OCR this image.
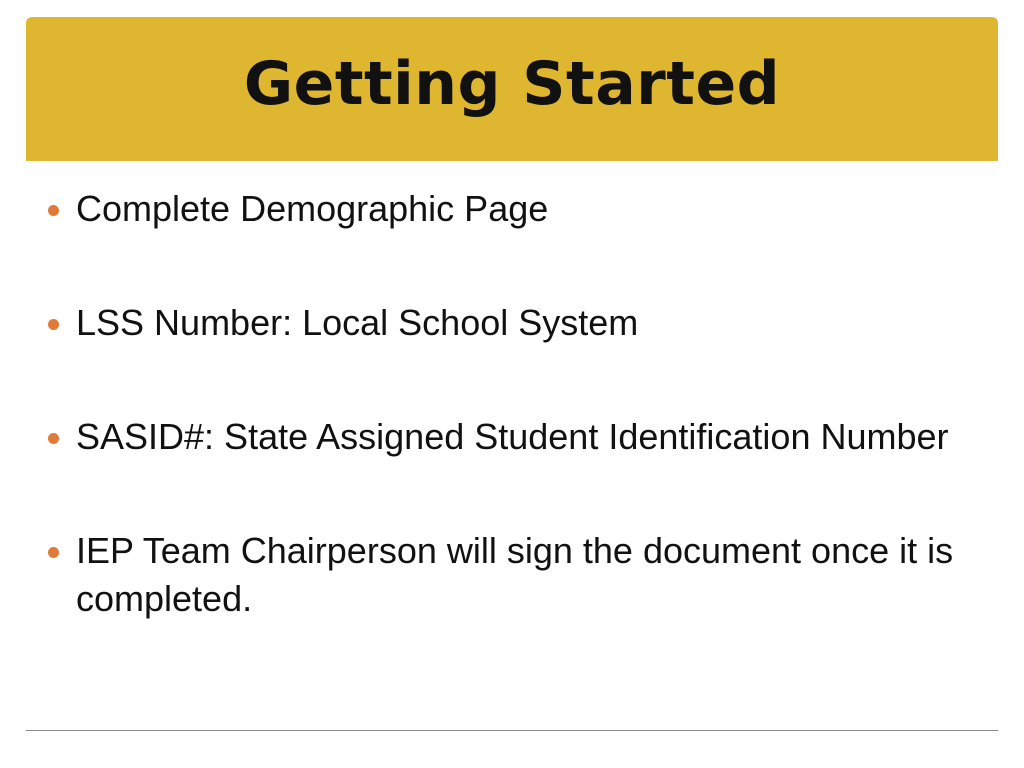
Getting Started
Complete Demographic Page
LSS Number: Local School System
SASID#: State Assigned Student Identification Number
IEP Team Chairperson will sign the document once it is completed.
